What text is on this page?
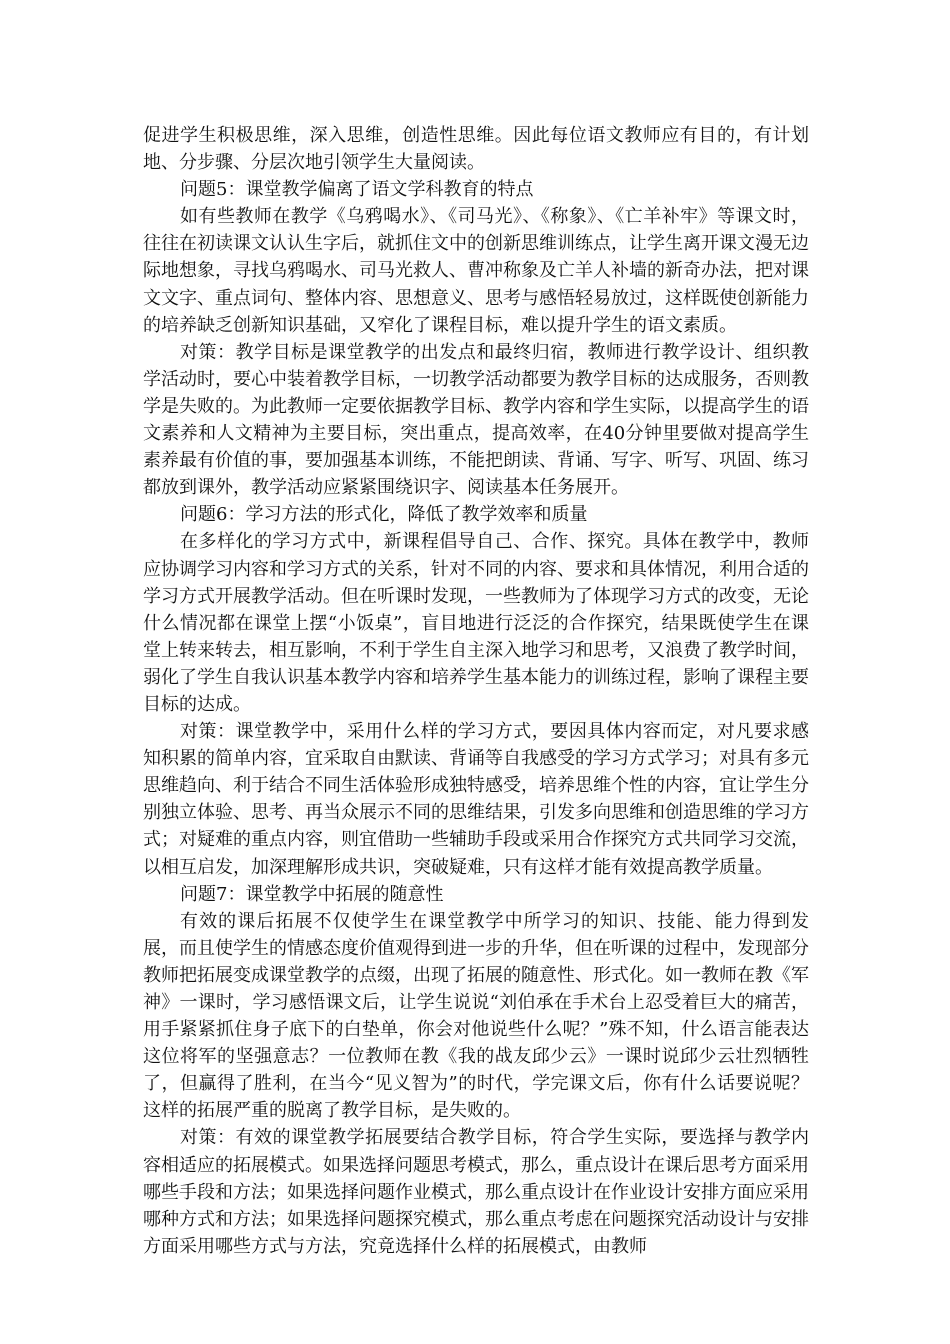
促进学生积极思维，深入思维，创造性思维。因此每位语文教师应有目的，有计划地、分步骤、分层次地引领学生大量阅读。

问题5：课堂教学偏离了语文学科教育的特点

如有些教师在教学《乌鸦喝水》、《司马光》、《称象》、《亡羊补牢》等课文时，往往在初读课文认认生字后，就抓住文中的创新思维训练点，让学生离开课文漫无边际地想象，寻找乌鸦喝水、司马光救人、曹冲称象及亡羊人补墙的新奇办法，把对课文文字、重点词句、整体内容、思想意义、思考与感悟轻易放过，这样既使创新能力的培养缺乏创新知识基础，又窄化了课程目标，难以提升学生的语文素质。

对策：教学目标是课堂教学的出发点和最终归宿，教师进行教学设计、组织教学活动时，要心中装着教学目标，一切教学活动都要为教学目标的达成服务，否则教学是失败的。为此教师一定要依据教学目标、教学内容和学生实际，以提高学生的语文素养和人文精神为主要目标，突出重点，提高效率，在40分钟里要做对提高学生素养最有价值的事，要加强基本训练，不能把朗读、背诵、写字、听写、巩固、练习都放到课外，教学活动应紧紧围绕识字、阅读基本任务展开。

问题6：学习方法的形式化，降低了教学效率和质量

在多样化的学习方式中，新课程倡导自己、合作、探究。具体在教学中，教师应协调学习内容和学习方式的关系，针对不同的内容、要求和具体情况，利用合适的学习方式开展教学活动。但在听课时发现，一些教师为了体现学习方式的改变，无论什么情况都在课堂上摆“小饭桌”，盲目地进行泛泛的合作探究，结果既使学生在课堂上转来转去，相互影响，不利于学生自主深入地学习和思考，又浪费了教学时间，弱化了学生自我认识基本教学内容和培养学生基本能力的训练过程，影响了课程主要目标的达成。

对策：课堂教学中，采用什么样的学习方式，要因具体内容而定，对凡要求感知积累的简单内容，宜采取自由默读、背诵等自我感受的学习方式学习；对具有多元思维趋向、利于结合不同生活体验形成独特感受，培养思维个性的内容，宜让学生分别独立体验、思考、再当众展示不同的思维结果，引发多向思维和创造思维的学习方式；对疑难的重点内容，则宜借助一些辅助手段或采用合作探究方式共同学习交流，以相互启发，加深理解形成共识，突破疑难，只有这样才能有效提高教学质量。

问题7：课堂教学中拓展的随意性

有效的课后拓展不仅使学生在课堂教学中所学习的知识、技能、能力得到发展，而且使学生的情感态度价值观得到进一步的升华，但在听课的过程中，发现部分教师把拓展变成课堂教学的点缀，出现了拓展的随意性、形式化。如一教师在教《军神》一课时，学习感悟课文后，让学生说说“刘伯承在手术台上忍受着巨大的痛苦，用手紧紧抓住身子底下的白垫单，你会对他说些什么呢？”殊不知，什么语言能表达这位将军的坚强意志？一位教师在教《我的战友邱少云》一课时说邱少云壮烈牺牲了，但赢得了胜利，在当今“见义智为”的时代，学完课文后，你有什么话要说呢？这样的拓展严重的脱离了教学目标，是失败的。

对策：有效的课堂教学拓展要结合教学目标，符合学生实际，要选择与教学内容相适应的拓展模式。如果选择问题思考模式，那么，重点设计在课后思考方面采用哪些手段和方法；如果选择问题作业模式，那么重点设计在作业设计安排方面应采用哪种方式和方法；如果选择问题探究模式，那么重点考虑在问题探究活动设计与安排方面采用哪些方式与方法，究竟选择什么样的拓展模式，由教师
